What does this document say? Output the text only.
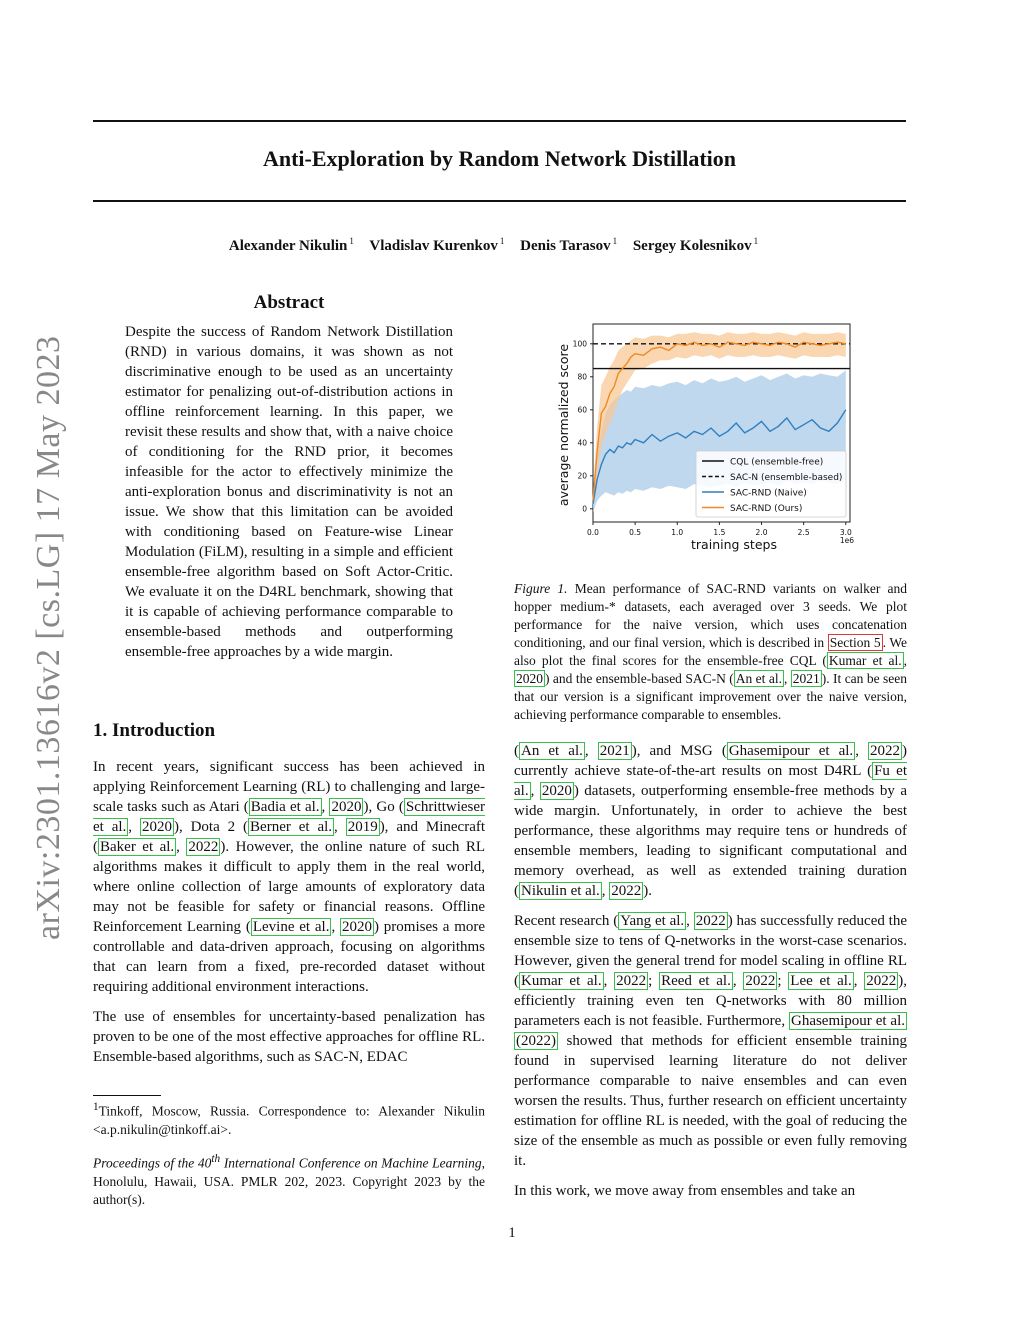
Anti-Exploration by Random Network Distillation
Alexander Nikulin $^1$ Vladislav Kurenkov $^1$ Denis Tarasov $^1$ Sergey Kolesnikov $^1$
arXiv:2301.13616v2 [cs.LG] 17 May 2023
Abstract
Despite the success of Random Network Distillation (RND) in various domains, it was shown as not discriminative enough to be used as an uncertainty estimator for penalizing out-of-distribution actions in offline reinforcement learning. In this paper, we revisit these results and show that, with a naive choice of conditioning for the RND prior, it becomes infeasible for the actor to effectively minimize the anti-exploration bonus and discriminativity is not an issue. We show that this limitation can be avoided with conditioning based on Feature-wise Linear Modulation (FiLM), resulting in a simple and efficient ensemble-free algorithm based on Soft Actor-Critic. We evaluate it on the D4RL benchmark, showing that it is capable of achieving performance comparable to ensemble-based methods and outperforming ensemble-free approaches by a wide margin.
1. Introduction

In recent years, significant success has been achieved in applying Reinforcement Learning (RL) to challenging and large-scale tasks such as Atari ( Badia et al. , 2020 ), Go ( Schrittwieser et al. , 2020 ), Dota 2 ( Berner et al. , 2019 ), and Minecraft ( Baker et al. , 2022 ). However, the online nature of such RL algorithms makes it difficult to apply them in the real world, where online collection of large amounts of exploratory data may not be feasible for safety or financial reasons. Offline Reinforcement Learning ( Levine et al. , 2020 ) promises a more controllable and data-driven approach, focusing on algorithms that can learn from a fixed, pre-recorded dataset without requiring additional environment interactions.

The use of ensembles for uncertainty-based penalization has proven to be one of the most effective approaches for offline RL. Ensemble-based algorithms, such as SAC-N, EDAC

$^1$Tinkoff, Moscow, Russia. Correspondence to: Alexander Nikulin <a.p.nikulin@tinkoff.ai>.
Proceedings of the 40th International Conference on Machine Learning, Honolulu, Hawaii, USA. PMLR 202, 2023. Copyright 2023 by the author(s).
0.0	0.5	1.0	1.5	2.0	2.5	3.0
0
20
40
60
80
100
training steps
average normalized score
1e6
CQL (ensemble-free)
SAC-N (ensemble-based)
SAC-RND (Naive)
SAC-RND (Ours)
Figure 1. Mean performance of SAC-RND variants on walker and hopper medium-* datasets, each averaged over 3 seeds. We plot performance for the naive version, which uses concatenation conditioning, and our final version, which is described in Section 5 . We also plot the final scores for the ensemble-free CQL ( Kumar et al. , 2020 ) and the ensemble-based SAC-N ( An et al. , 2021 ). It can be seen that our version is a significant improvement over the naive version, achieving performance comparable to ensembles.

( An et al. , 2021 ), and MSG ( Ghasemipour et al. , 2022 ) currently achieve state-of-the-art results on most D4RL ( Fu et al. , 2020 ) datasets, outperforming ensemble-free methods by a wide margin. Unfortunately, in order to achieve the best performance, these algorithms may require tens or hundreds of ensemble members, leading to significant computational and memory overhead, as well as extended training duration ( Nikulin et al. , 2022 ).

Recent research ( Yang et al. , 2022 ) has successfully reduced the ensemble size to tens of Q-networks in the worst-case scenarios. However, given the general trend for model scaling in offline RL ( Kumar et al. , 2022 ; Reed et al. , 2022 ; Lee et al. , 2022 ), efficiently training even ten Q-networks with 80 million parameters each is not feasible. Furthermore, Ghasemipour et al. (2022) showed that methods for efficient ensemble training found in supervised learning literature do not deliver performance comparable to naive ensembles and can even worsen the results. Thus, further research on efficient uncertainty estimation for offline RL is needed, with the goal of reducing the size of the ensemble as much as possible or even fully removing it.

In this work, we move away from ensembles and take an

1
